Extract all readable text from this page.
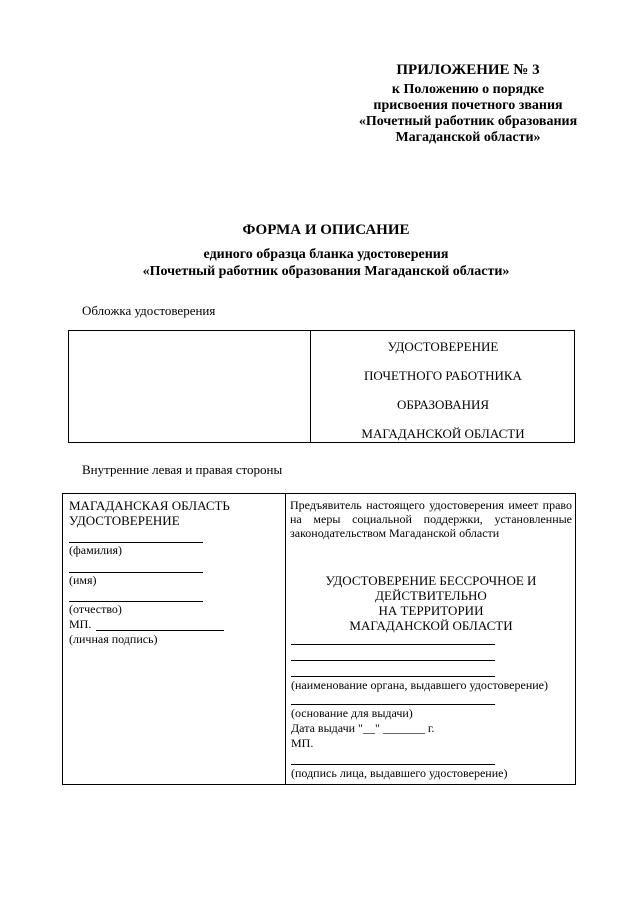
ПРИЛОЖЕНИЕ № 3
к Положению о порядке
присвоения почетного звания
«Почетный работник образования
Магаданской области»
ФОРМА И ОПИСАНИЕ
единого образца бланка удостоверения
«Почетный работник образования Магаданской области»
Обложка удостоверения
УДОСТОВЕРЕНИЕ
ПОЧЕТНОГО РАБОТНИКА
ОБРАЗОВАНИЯ
МАГАДАНСКОЙ ОБЛАСТИ
Внутренние левая и правая стороны
МАГАДАНСКАЯ ОБЛАСТЬ
УДОСТОВЕРЕНИЕ
(фамилия)
(имя)
(отчество)
МП.
(личная подпись)
Предъявитель настоящего удостоверения имеет право на меры социальной поддержки, установленные законодательством Магаданской области
УДОСТОВЕРЕНИЕ БЕССРОЧНОЕ И
ДЕЙСТВИТЕЛЬНО
НА ТЕРРИТОРИИ
МАГАДАНСКОЙ ОБЛАСТИ
(наименование органа, выдавшего удостоверение)
(основание для выдачи)
Дата выдачи "__" _______ г.
МП.
(подпись лица, выдавшего удостоверение)
